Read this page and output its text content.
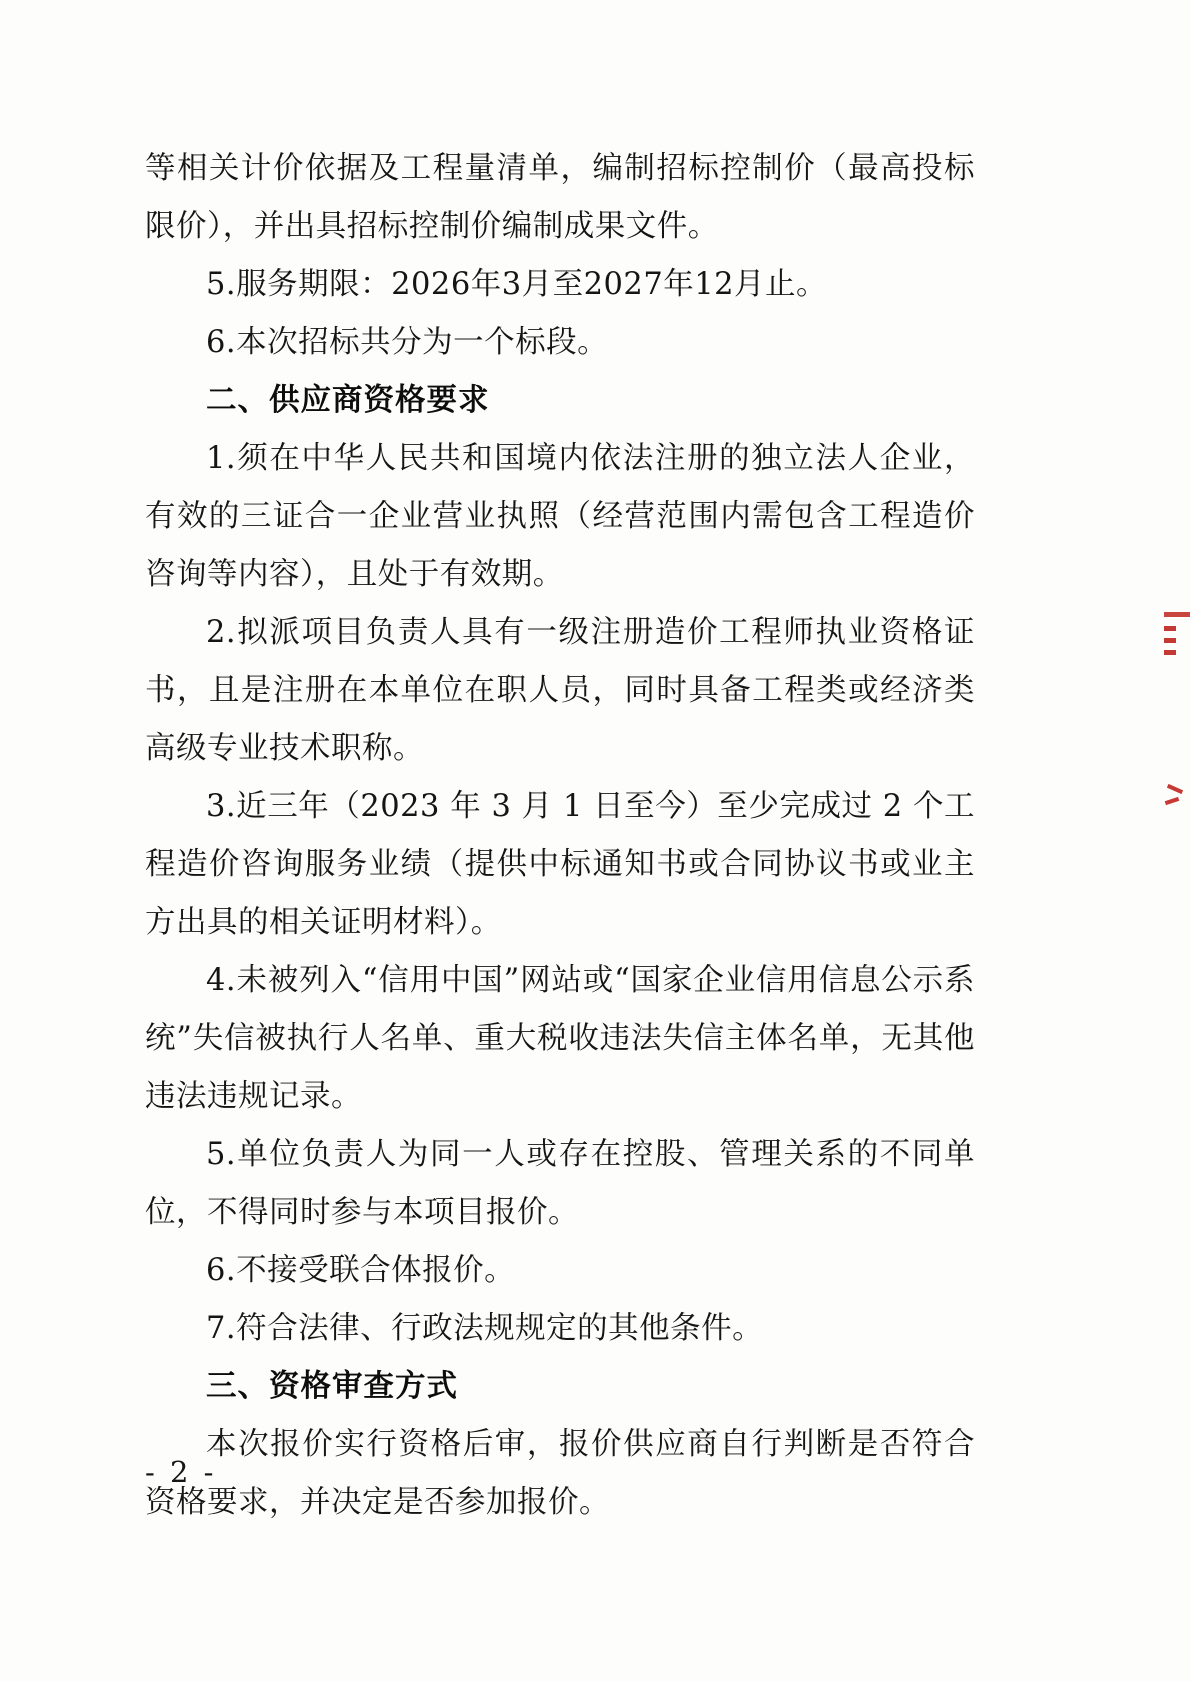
等相关计价依据及工程量清单，编制招标控制价（最高投标限价），并出具招标控制价编制成果文件。

5.服务期限：2026年3月至2027年12月止。

6.本次招标共分为一个标段。

二、供应商资格要求

1.须在中华人民共和国境内依法注册的独立法人企业，有效的三证合一企业营业执照（经营范围内需包含工程造价咨询等内容），且处于有效期。

2.拟派项目负责人具有一级注册造价工程师执业资格证书，且是注册在本单位在职人员，同时具备工程类或经济类高级专业技术职称。

3.近三年（2023 年 3 月 1 日至今）至少完成过 2 个工程造价咨询服务业绩（提供中标通知书或合同协议书或业主方出具的相关证明材料）。

4.未被列入“信用中国”网站或“国家企业信用信息公示系统”失信被执行人名单、重大税收违法失信主体名单，无其他违法违规记录。

5.单位负责人为同一人或存在控股、管理关系的不同单位，不得同时参与本项目报价。

6.不接受联合体报价。

7.符合法律、行政法规规定的其他条件。

三、资格审查方式

本次报价实行资格后审，报价供应商自行判断是否符合资格要求，并决定是否参加报价。

- 2 -
